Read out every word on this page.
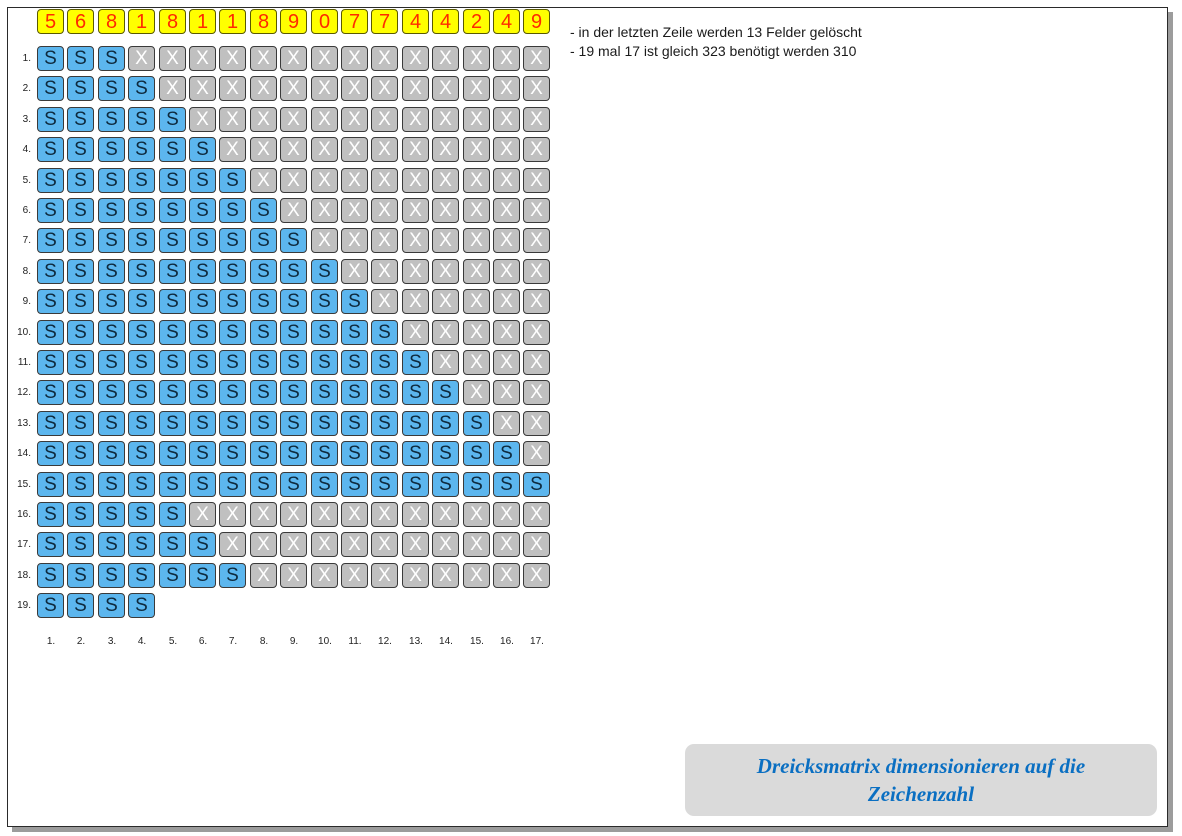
- in der letzten Zeile werden 13 Felder gelöscht
- 19 mal 17 ist gleich 323 benötigt werden 310
Dreicksmatrix dimensionieren auf die Zeichenzahl
5 6 8 1 8 1 1 8 9 0 7 7 4 4 2 4 9
1. S S S X X X X X X X X X X X X X X
2. S S S S X X X X X X X X X X X X X
3. S S S S S X X X X X X X X X X X X
4. S S S S S S X X X X X X X X X X X
5. S S S S S S S X X X X X X X X X X
6. S S S S S S S S X X X X X X X X X
7. S S S S S S S S S X X X X X X X X
8. S S S S S S S S S S X X X X X X X
9. S S S S S S S S S S S X X X X X X
10. S S S S S S S S S S S S X X X X X
11. S S S S S S S S S S S S S X X X X
12. S S S S S S S S S S S S S S X X X
13. S S S S S S S S S S S S S S S X X
14. S S S S S S S S S S S S S S S S X
15. S S S S S S S S S S S S S S S S S
16. S S S S S X X X X X X X X X X X X
17. S S S S S S X X X X X X X X X X X
18. S S S S S S S X X X X X X X X X X
19. S S S S
1.	2.	3.	4.	5.	6.	7.	8.	9.	10.	11.	12.	13.	14.	15.	16.	17.
